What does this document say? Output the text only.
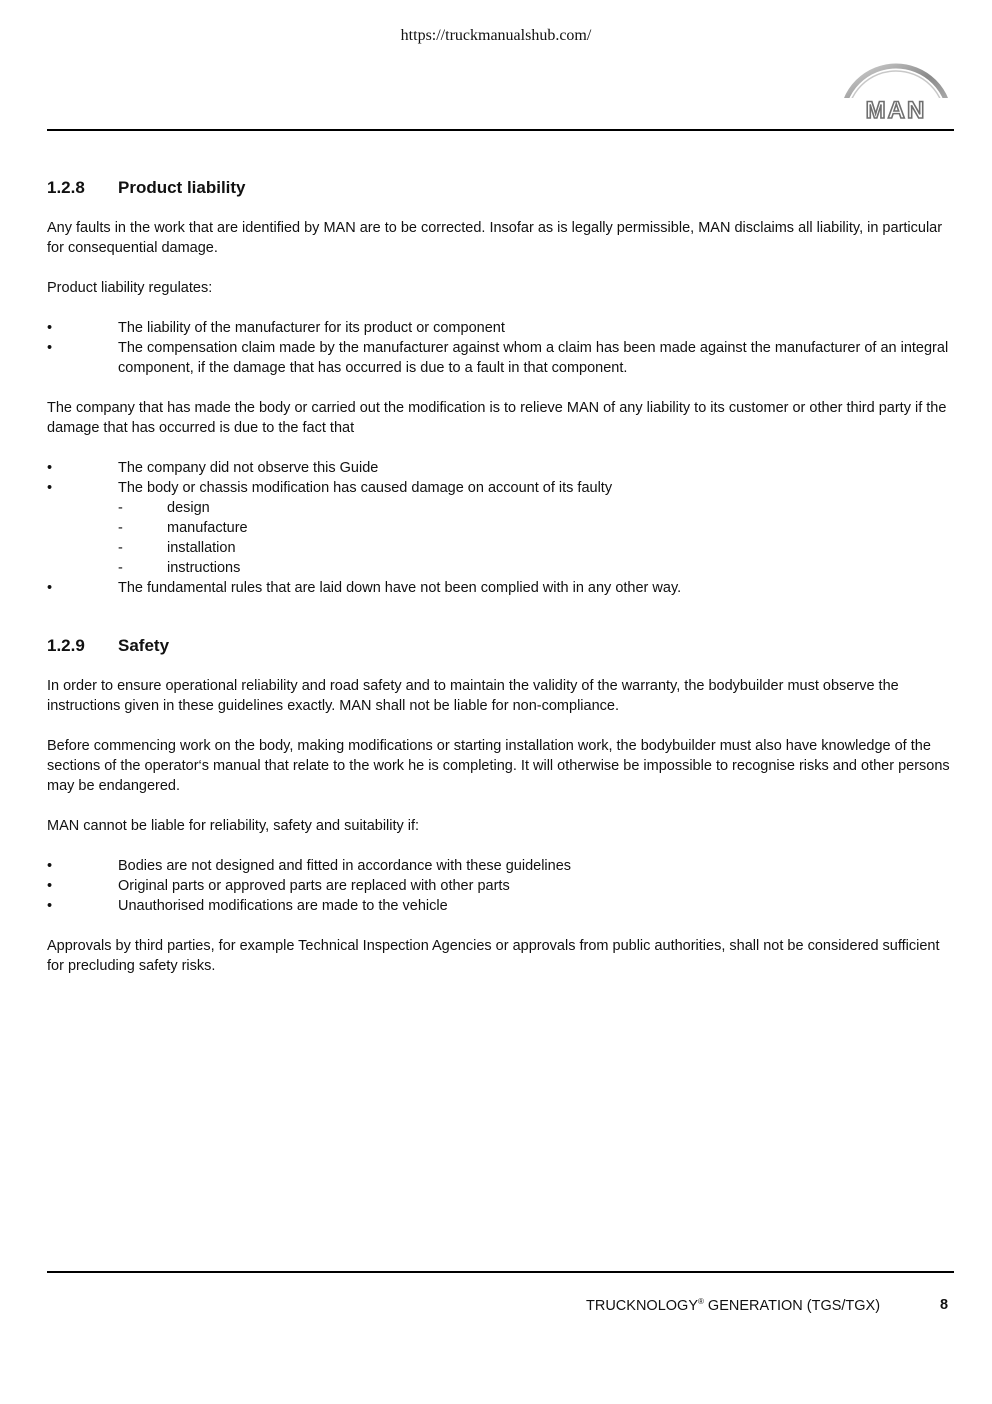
https://truckmanualshub.com/
MAN
1.2.8	Product liability

Any faults in the work that are identified by MAN are to be corrected. Insofar as is legally permissible, MAN disclaims all liability, in particular for consequential damage.

Product liability regulates:

•	The liability of the manufacturer for its product or component
•	The compensation claim made by the manufacturer against whom a claim has been made against the manufacturer of an integral component, if the damage that has occurred is due to a fault in that component.

The company that has made the body or carried out the modification is to relieve MAN of any liability to its customer or other third party if the damage that has occurred is due to the fact that

•	The company did not observe this Guide
•	The body or chassis modification has caused damage on account of its faulty
-	design
-	manufacture
-	installation
-	instructions
•	The fundamental rules that are laid down have not been complied with in any other way.
1.2.9	Safety

In order to ensure operational reliability and road safety and to maintain the validity of the warranty, the bodybuilder must observe the instructions given in these guidelines exactly. MAN shall not be liable for non-compliance.

Before commencing work on the body, making modifications or starting installation work, the bodybuilder must also have knowledge of the sections of the operator‘s manual that relate to the work he is completing. It will otherwise be impossible to recognise risks and other persons may be endangered.

MAN cannot be liable for reliability, safety and suitability if:

•	Bodies are not designed and fitted in accordance with these guidelines
•	Original parts or approved parts are replaced with other parts
•	Unauthorised modifications are made to the vehicle

Approvals by third parties, for example Technical Inspection Agencies or approvals from public authorities, shall not be considered sufficient for precluding safety risks.

TRUCKNOLOGY® GENERATION (TGS/TGX)	8
